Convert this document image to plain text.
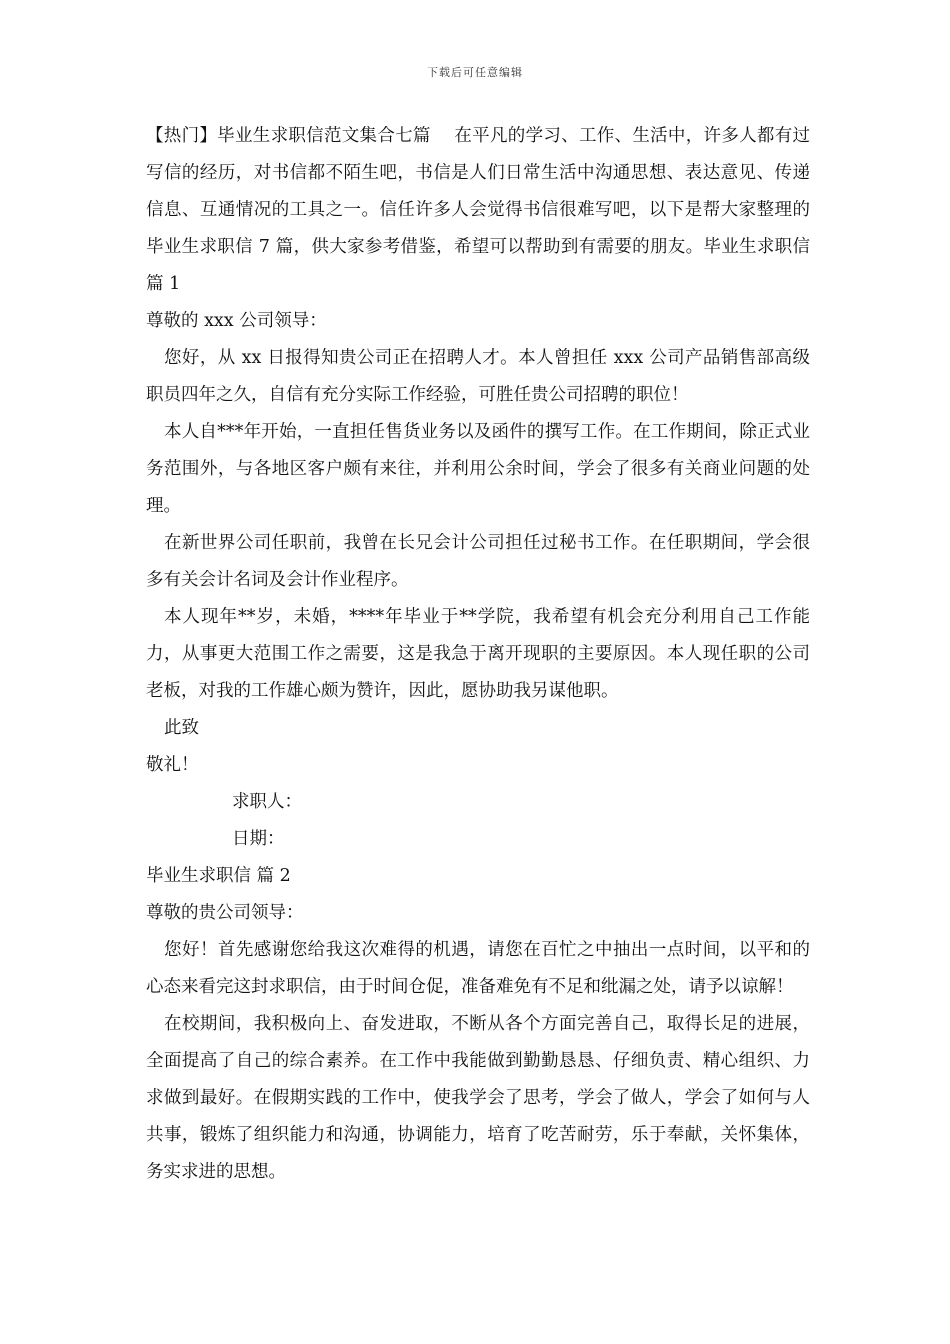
下载后可任意编辑

【热门】毕业生求职信范文集合七篇　 在平凡的学习、工作、生活中，许多人都有过写信的经历，对书信都不陌生吧，书信是人们日常生活中沟通思想、表达意见、传递信息、互通情况的工具之一。信任许多人会觉得书信很难写吧，以下是帮大家整理的毕业生求职信 7 篇，供大家参考借鉴，希望可以帮助到有需要的朋友。毕业生求职信 篇 1

尊敬的 xxx 公司领导：

您好，从 xx 日报得知贵公司正在招聘人才。本人曾担任 xxx 公司产品销售部高级职员四年之久，自信有充分实际工作经验，可胜任贵公司招聘的职位！

本人自***年开始，一直担任售货业务以及函件的撰写工作。在工作期间，除正式业务范围外，与各地区客户颇有来往，并利用公余时间，学会了很多有关商业问题的处理。

在新世界公司任职前，我曾在长兄会计公司担任过秘书工作。在任职期间，学会很多有关会计名词及会计作业程序。

本人现年**岁，未婚，****年毕业于**学院，我希望有机会充分利用自己工作能力，从事更大范围工作之需要，这是我急于离开现职的主要原因。本人现任职的公司老板，对我的工作雄心颇为赞许，因此，愿协助我另谋他职。

此致

敬礼！

求职人：

日期：

毕业生求职信 篇 2

尊敬的贵公司领导：

您好！首先感谢您给我这次难得的机遇，请您在百忙之中抽出一点时间，以平和的心态来看完这封求职信，由于时间仓促，准备难免有不足和纰漏之处，请予以谅解！

在校期间，我积极向上、奋发进取，不断从各个方面完善自己，取得长足的进展，全面提高了自己的综合素养。在工作中我能做到勤勤恳恳、仔细负责、精心组织、力求做到最好。在假期实践的工作中，使我学会了思考，学会了做人，学会了如何与人共事，锻炼了组织能力和沟通，协调能力，培育了吃苦耐劳，乐于奉献，关怀集体，务实求进的思想。
